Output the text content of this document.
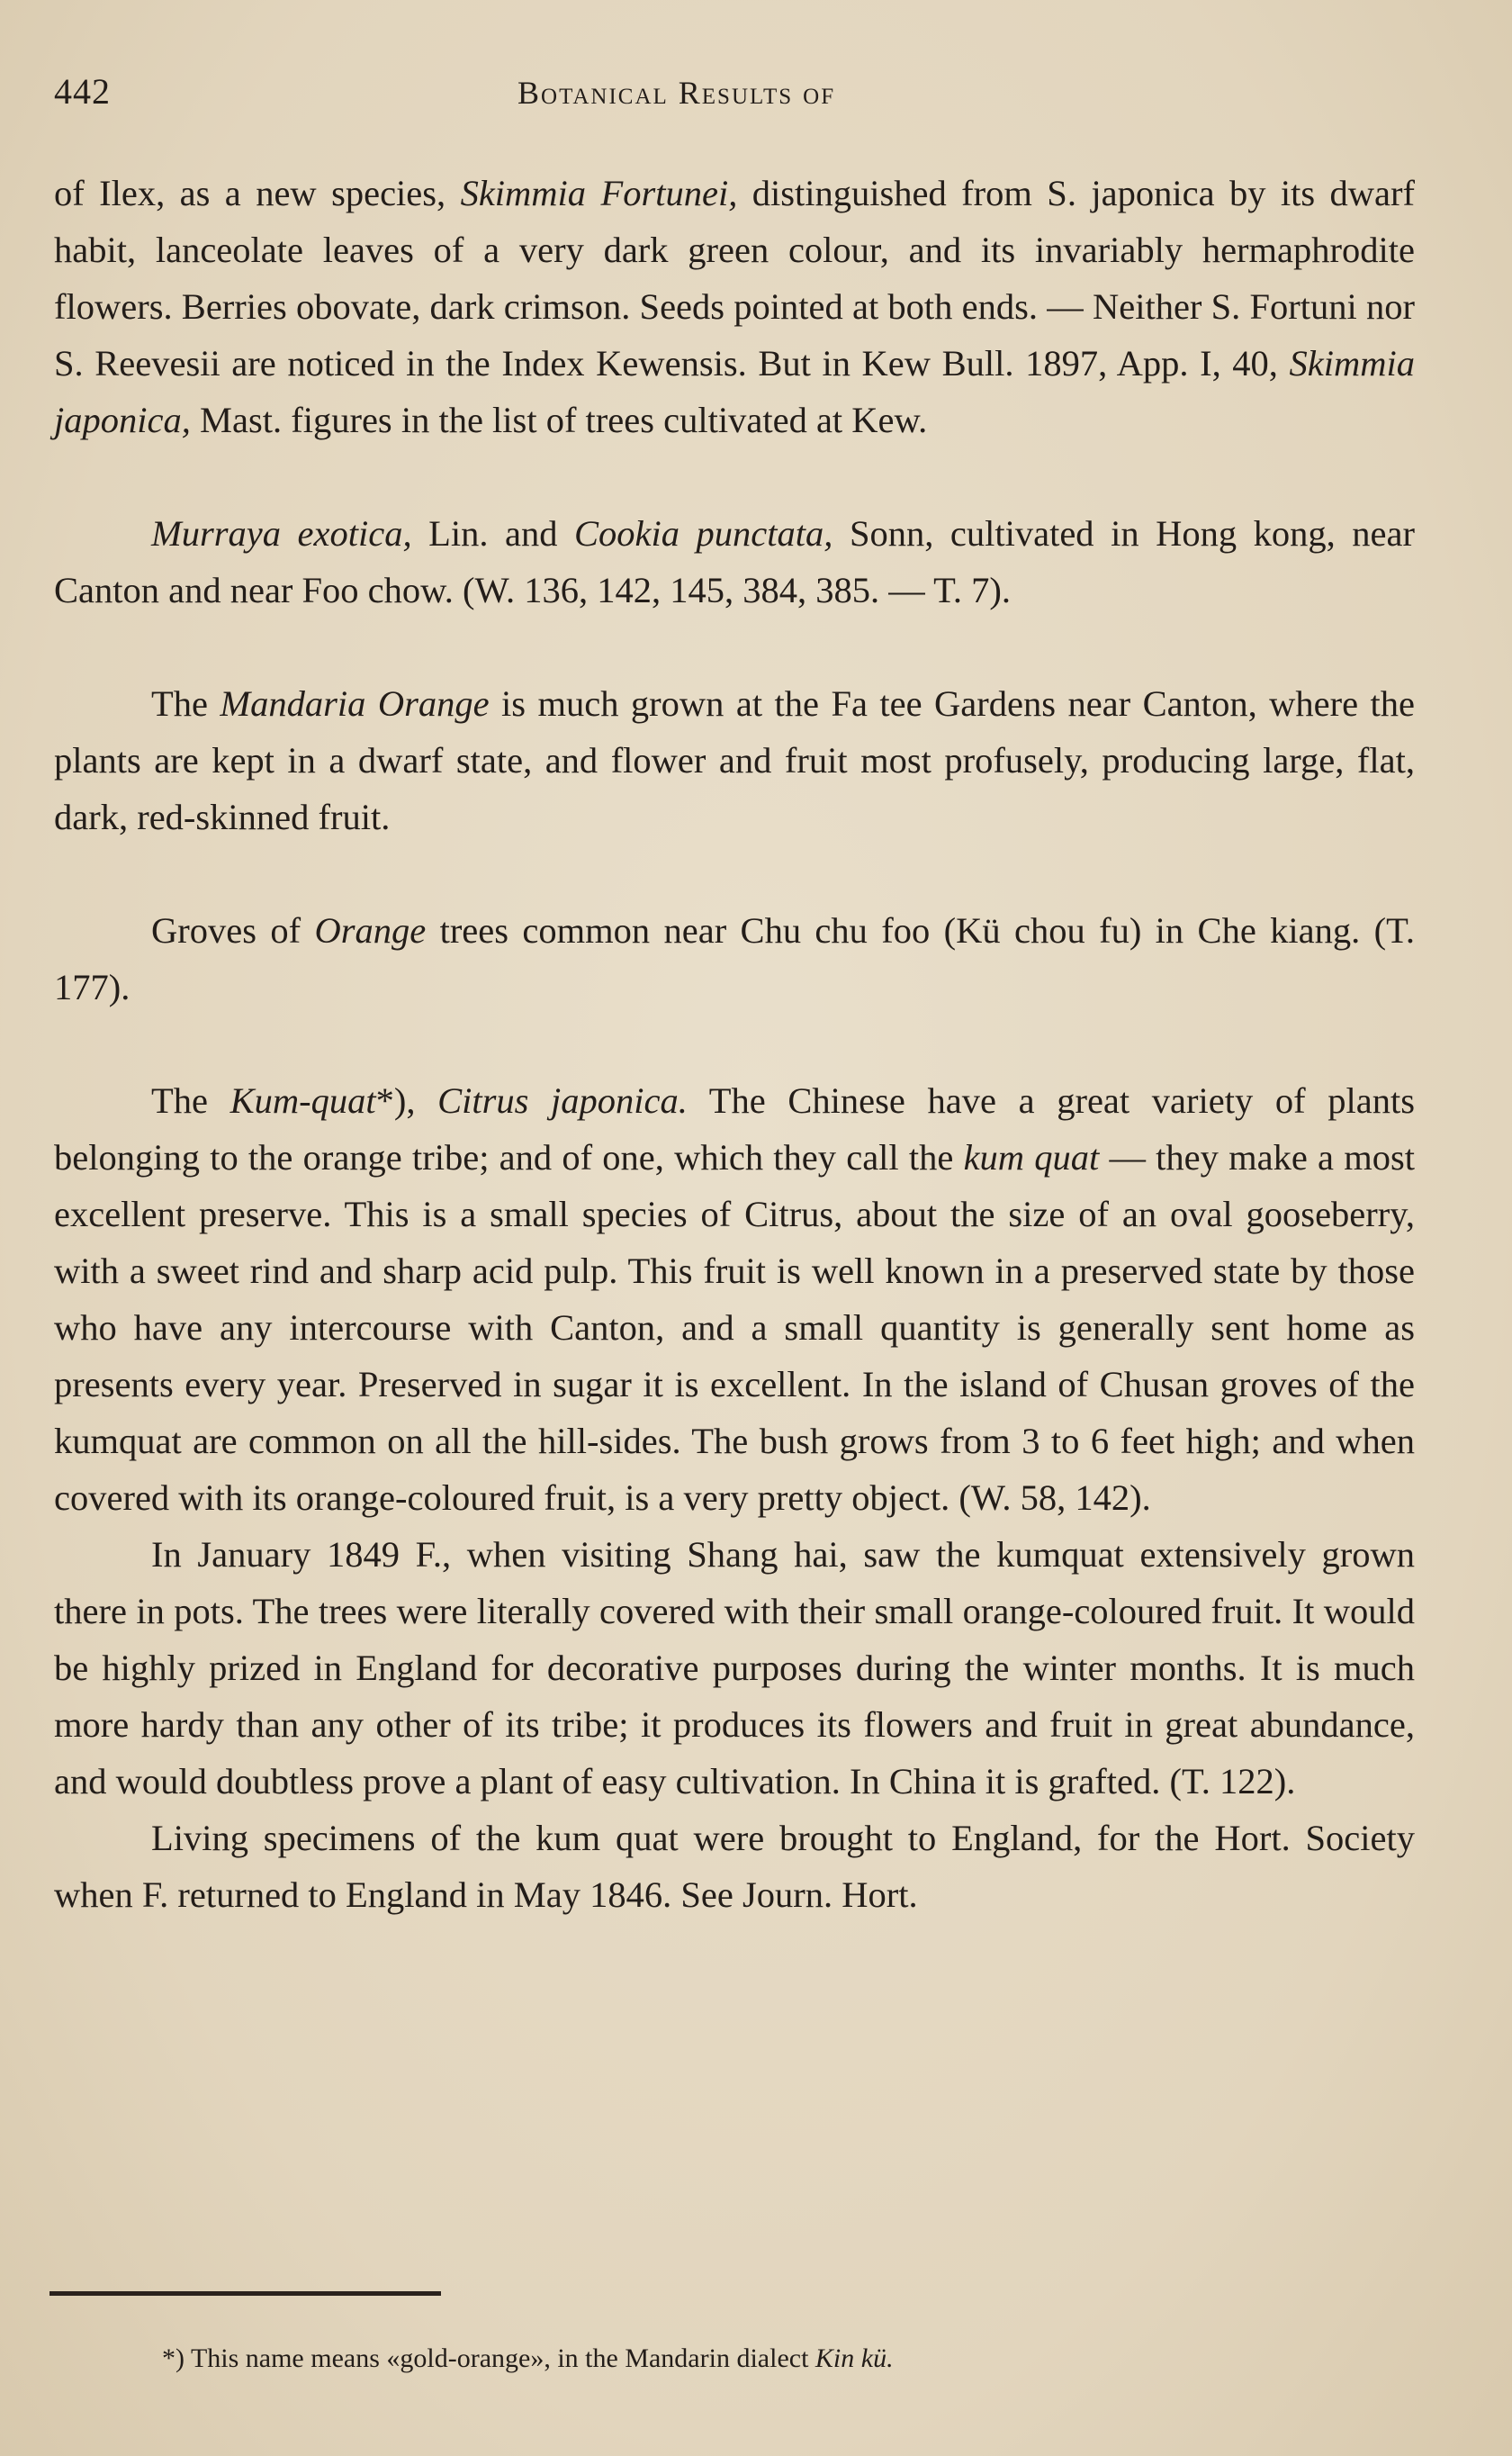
442	Botanical Results of

of Ilex, as a new species, Skimmia Fortunei, distinguished from S. japonica by its dwarf habit, lanceolate leaves of a very dark green colour, and its invariably hermaphrodite flowers. Berries obovate, dark crimson. Seeds pointed at both ends. — Neither S. Fortuni nor S. Reevesii are noticed in the Index Kewensis. But in Kew Bull. 1897, App. I, 40, Skimmia japonica, Mast. figures in the list of trees cultivated at Kew.

Murraya exotica, Lin. and Cookia punctata, Sonn, cultivated in Hong kong, near Canton and near Foo chow. (W. 136, 142, 145, 384, 385. — T. 7).

The Mandaria Orange is much grown at the Fa tee Gardens near Canton, where the plants are kept in a dwarf state, and flower and fruit most profusely, producing large, flat, dark, red-skinned fruit.

Groves of Orange trees common near Chu chu foo (Kü chou fu) in Che kiang. (T. 177).

The Kum-quat*), Citrus japonica. The Chinese have a great variety of plants belonging to the orange tribe; and of one, which they call the kum quat — they make a most excellent preserve. This is a small species of Citrus, about the size of an oval gooseberry, with a sweet rind and sharp acid pulp. This fruit is well known in a preserved state by those who have any intercourse with Canton, and a small quantity is generally sent home as presents every year. Preserved in sugar it is excellent. In the island of Chusan groves of the kumquat are common on all the hill-sides. The bush grows from 3 to 6 feet high; and when covered with its orange-coloured fruit, is a very pretty object. (W. 58, 142).

In January 1849 F., when visiting Shang hai, saw the kumquat extensively grown there in pots. The trees were literally covered with their small orange-coloured fruit. It would be highly prized in England for decorative purposes during the winter months. It is much more hardy than any other of its tribe; it produces its flowers and fruit in great abundance, and would doubtless prove a plant of easy cultivation. In China it is grafted. (T. 122).

Living specimens of the kum quat were brought to England, for the Hort. Society when F. returned to England in May 1846. See Journ. Hort.

*) This name means «gold-orange», in the Mandarin dialect Kin kü.
